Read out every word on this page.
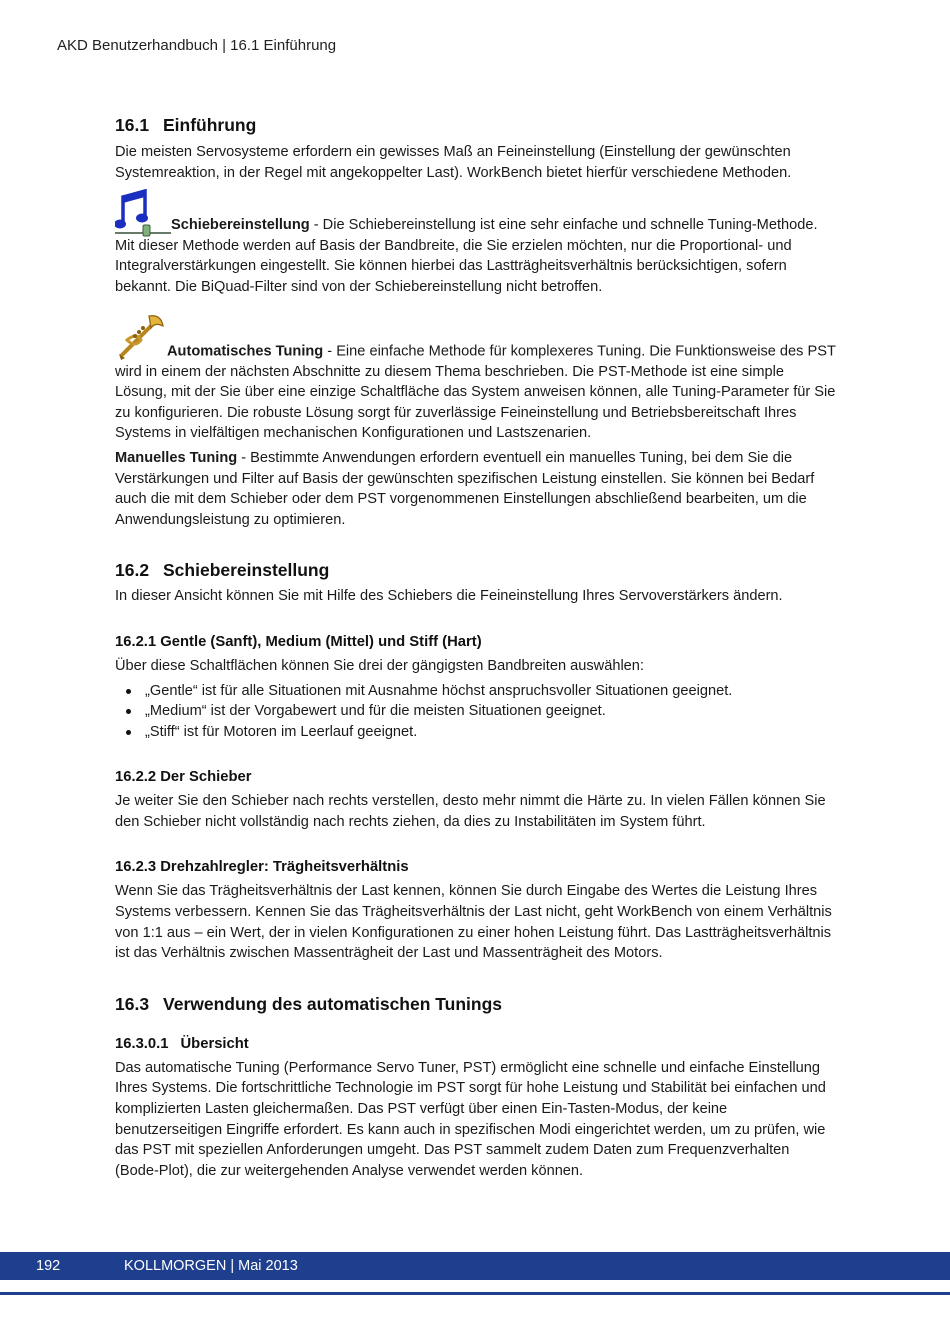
AKD Benutzerhandbuch | 16.1 Einführung
16.1 Einführung

Die meisten Servosysteme erfordern ein gewisses Maß an Feineinstellung (Einstellung der gewünschten Systemreaktion, in der Regel mit angekoppelter Last). WorkBench bietet hierfür verschiedene Methoden.

Schiebereinstellung - Die Schiebereinstellung ist eine sehr einfache und schnelle Tuning-Methode. Mit dieser Methode werden auf Basis der Bandbreite, die Sie erzielen möchten, nur die Proportional- und Integralverstärkungen eingestellt. Sie können hierbei das Lastträgheitsverhältnis berücksichtigen, sofern bekannt. Die BiQuad-Filter sind von der Schiebereinstellung nicht betroffen.

Automatisches Tuning - Eine einfache Methode für komplexeres Tuning. Die Funktionsweise des PST wird in einem der nächsten Abschnitte zu diesem Thema beschrieben. Die PST-Methode ist eine simple Lösung, mit der Sie über eine einzige Schaltfläche das System anweisen können, alle Tuning-Parameter für Sie zu konfigurieren. Die robuste Lösung sorgt für zuverlässige Feineinstellung und Betriebsbereitschaft Ihres Systems in vielfältigen mechanischen Konfigurationen und Lastszenarien.

Manuelles Tuning - Bestimmte Anwendungen erfordern eventuell ein manuelles Tuning, bei dem Sie die Verstärkungen und Filter auf Basis der gewünschten spezifischen Leistung einstellen. Sie können bei Bedarf auch die mit dem Schieber oder dem PST vorgenommenen Einstellungen abschließend bearbeiten, um die Anwendungsleistung zu optimieren.

16.2 Schiebereinstellung

In dieser Ansicht können Sie mit Hilfe des Schiebers die Feineinstellung Ihres Servoverstärkers ändern.

16.2.1 Gentle (Sanft), Medium (Mittel) und Stiff (Hart)

Über diese Schaltflächen können Sie drei der gängigsten Bandbreiten auswählen:

„Gentle“ ist für alle Situationen mit Ausnahme höchst anspruchsvoller Situationen geeignet.
„Medium“ ist der Vorgabewert und für die meisten Situationen geeignet.
„Stiff“ ist für Motoren im Leerlauf geeignet.
16.2.2 Der Schieber

Je weiter Sie den Schieber nach rechts verstellen, desto mehr nimmt die Härte zu. In vielen Fällen können Sie den Schieber nicht vollständig nach rechts ziehen, da dies zu Instabilitäten im System führt.

16.2.3 Drehzahlregler: Trägheitsverhältnis

Wenn Sie das Trägheitsverhältnis der Last kennen, können Sie durch Eingabe des Wertes die Leistung Ihres Systems verbessern. Kennen Sie das Trägheitsverhältnis der Last nicht, geht WorkBench von einem Verhältnis von 1:1 aus – ein Wert, der in vielen Konfigurationen zu einer hohen Leistung führt. Das Lastträgheitsverhältnis ist das Verhältnis zwischen Massenträgheit der Last und Massenträgheit des Motors.

16.3 Verwendung des automatischen Tunings
16.3.0.1 Übersicht

Das automatische Tuning (Performance Servo Tuner, PST) ermöglicht eine schnelle und einfache Einstellung Ihres Systems. Die fortschrittliche Technologie im PST sorgt für hohe Leistung und Stabilität bei einfachen und komplizierten Lasten gleichermaßen. Das PST verfügt über einen Ein-Tasten-Modus, der keine benutzerseitigen Eingriffe erfordert. Es kann auch in spezifischen Modi eingerichtet werden, um zu prüfen, wie das PST mit speziellen Anforderungen umgeht. Das PST sammelt zudem Daten zum Frequenzverhalten (Bode-Plot), die zur weitergehenden Analyse verwendet werden können.

192	KOLLMORGEN | Mai 2013
